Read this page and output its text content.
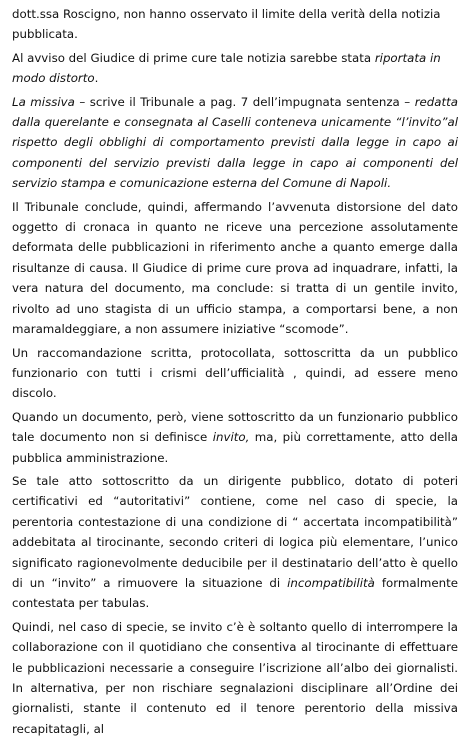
dott.ssa Roscigno, non hanno osservato il limite della verità della notizia pubblicata.

Al avviso del Giudice di prime cure tale notizia sarebbe stata riportata in modo distorto.

La missiva – scrive il Tribunale a pag. 7 dell’impugnata sentenza – redatta dalla querelante e consegnata al Caselli conteneva unicamente “l’invito”al rispetto degli obblighi di comportamento previsti dalla legge in capo ai componenti del servizio previsti dalla legge in capo ai componenti del servizio stampa e comunicazione esterna del Comune di Napoli.

Il Tribunale conclude, quindi, affermando l’avvenuta distorsione del dato oggetto di cronaca in quanto ne riceve una percezione assolutamente deformata delle pubblicazioni in riferimento anche a quanto emerge dalla risultanze di causa. Il Giudice di prime cure prova ad inquadrare, infatti, la vera natura del documento, ma conclude: si tratta di un gentile invito, rivolto ad uno stagista di un ufficio stampa, a comportarsi bene, a non maramaldeggiare, a non assumere iniziative “scomode”.

Un raccomandazione scritta, protocollata, sottoscritta da un pubblico funzionario con tutti i crismi dell’ufficialità , quindi, ad essere meno discolo.

Quando un documento, però, viene sottoscritto da un funzionario pubblico tale documento non si definisce invito, ma, più correttamente, atto della pubblica amministrazione.

Se tale atto sottoscritto da un dirigente pubblico, dotato di poteri certificativi ed “autoritativi” contiene, come nel caso di specie, la perentoria contestazione di una condizione di “ accertata incompatibilità” addebitata al tirocinante, secondo criteri di logica più elementare, l’unico significato ragionevolmente deducibile per il destinatario dell’atto è quello di un “invito” a rimuovere la situazione di incompatibilità formalmente contestata per tabulas.

Quindi, nel caso di specie, se invito c’è è soltanto quello di interrompere la collaborazione con il quotidiano che consentiva al tirocinante di effettuare le pubblicazioni necessarie a conseguire l’iscrizione all’albo dei giornalisti. In alternativa, per non rischiare segnalazioni disciplinare all’Ordine dei giornalisti, stante il contenuto ed il tenore perentorio della missiva recapitatagli, al
